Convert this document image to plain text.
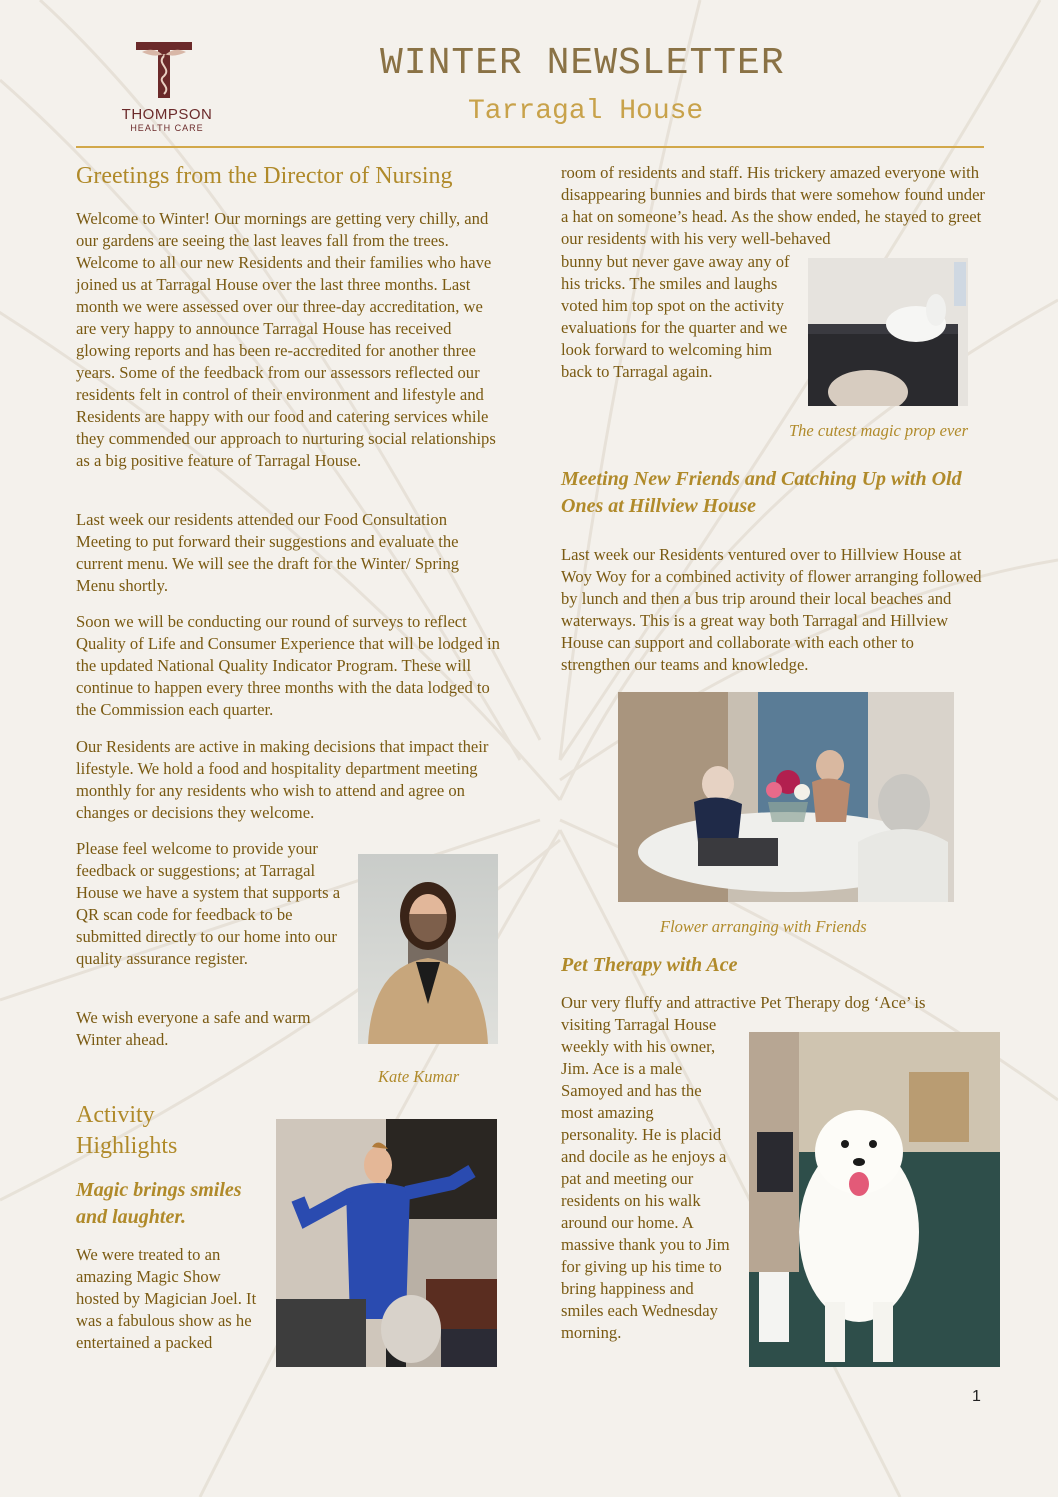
THOMPSON
HEALTH CARE
WINTER NEWSLETTER
Tarragal House
Greetings from the Director of Nursing

Welcome to Winter! Our mornings are getting very chilly, and our gardens are seeing the last leaves fall from the trees. Welcome to all our new Residents and their families who have joined us at Tarragal House over the last three months. Last month we were assessed over our three-day accreditation, we are very happy to announce Tarragal House has received glowing reports and has been re-accredited for another three years. Some of the feedback from our assessors reflected our residents felt in control of their environment and lifestyle and Residents are happy with our food and catering services while they commended our approach to nurturing social relationships as a big positive feature of Tarragal House.

Last week our residents attended our Food Consultation Meeting to put forward their suggestions and evaluate the current menu. We will see the draft for the Winter/ Spring Menu shortly.

Soon we will be conducting our round of surveys to reflect Quality of Life and Consumer Experience that will be lodged in the updated National Quality Indicator Program. These will continue to happen every three months with the data lodged to the Commission each quarter.

Our Residents are active in making decisions that impact their lifestyle. We hold a food and hospitality department meeting monthly for any residents who wish to attend and agree on changes or decisions they welcome.

Please feel welcome to provide your feedback or suggestions; at Tarragal House we have a system that supports a QR scan code for feedback to be submitted directly to our home into our quality assurance register.

We wish everyone a safe and warm Winter ahead.

Kate Kumar
Activity Highlights
Magic brings smiles and laughter.

We were treated to an amazing Magic Show hosted by Magician Joel. It was a fabulous show as he entertained a packed

room of residents and staff. His trickery amazed everyone with disappearing bunnies and birds that were somehow found under a hat on someone’s head. As the show ended, he stayed to greet our residents with his very well-behaved

bunny but never gave away any of his tricks. The smiles and laughs voted him top spot on the activity evaluations for the quarter and we look forward to welcoming him back to Tarragal again.

The cutest magic prop ever
Meeting New Friends and Catching Up with Old Ones at Hillview House

Last week our Residents ventured over to Hillview House at Woy Woy for a combined activity of flower arranging followed by lunch and then a bus trip around their local beaches and waterways. This is a great way both Tarragal and Hillview House can support and collaborate with each other to strengthen our teams and knowledge.

Flower arranging with Friends
Pet Therapy with Ace

Our very fluffy and attractive Pet Therapy dog ‘Ace’ is

visiting Tarragal House weekly with his owner, Jim. Ace is a male Samoyed and has the most amazing personality. He is placid and docile as he enjoys a pat and meeting our residents on his walk around our home. A massive thank you to Jim for giving up his time to bring happiness and smiles each Wednesday morning.

1
